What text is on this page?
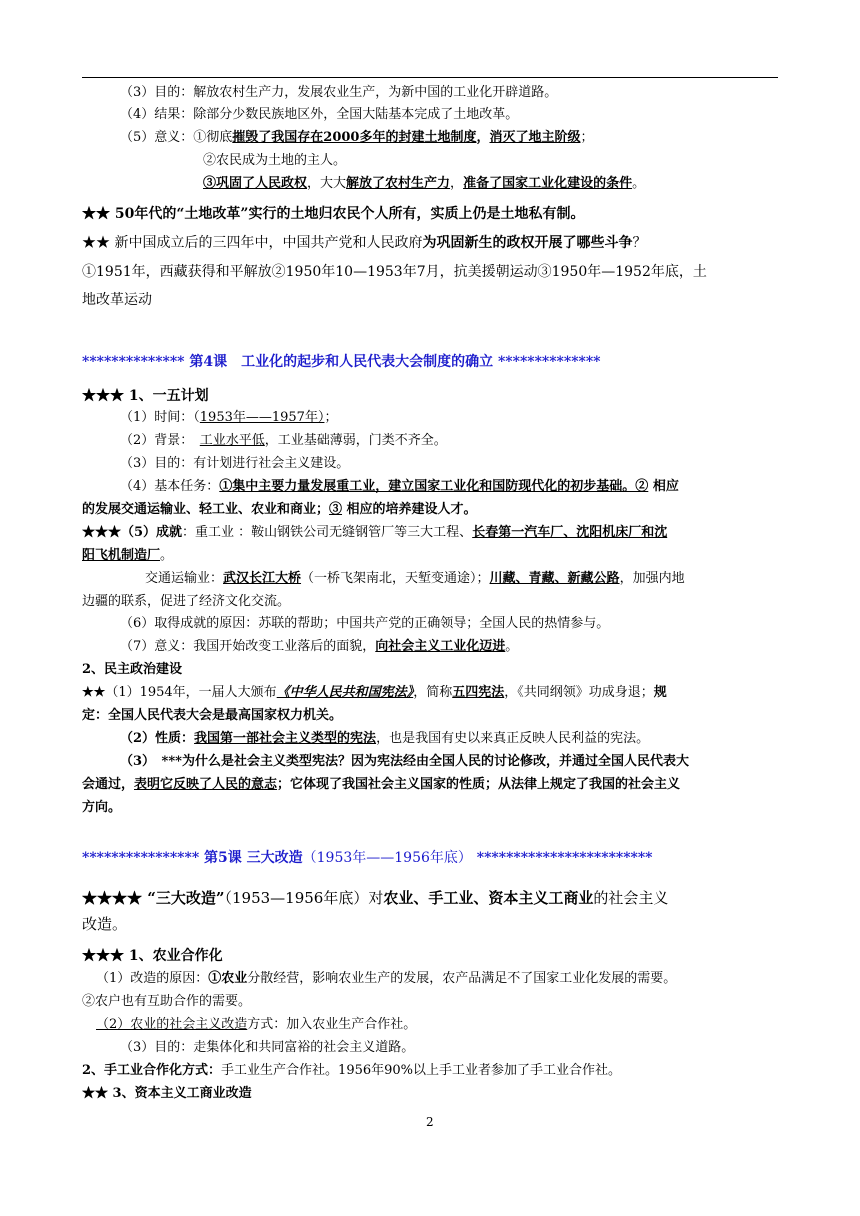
（3）目的：解放农村生产力，发展农业生产，为新中国的工业化开辟道路。
（4）结果：除部分少数民族地区外，全国大陆基本完成了土地改革。
（5）意义：①彻底摧毁了我国存在2000多年的封建土地制度，消灭了地主阶级；
②农民成为土地的主人。
③巩固了人民政权，大大解放了农村生产力，准备了国家工业化建设的条件。
★★ 50年代的“土地改革”实行的土地归农民个人所有，实质上仍是土地私有制。
★★ 新中国成立后的三四年中，中国共产党和人民政府为巩固新生的政权开展了哪些斗争？
①1951年，西藏获得和平解放②1950年10—1953年7月，抗美援朝运动③1950年—1952年底，土
地改革运动
************** 第4课　工业化的起步和人民代表大会制度的确立 **************
★★★ 1、一五计划
（1）时间：（1953年——1957年）；
（2）背景：　工业水平低，工业基础薄弱，门类不齐全。
（3）目的：有计划进行社会主义建设。
（4）基本任务：①集中主要力量发展重工业，建立国家工业化和国防现代化的初步基础。② 相应
的发展交通运输业、轻工业、农业和商业；③ 相应的培养建设人才。
★★★（5）成就：重工业 ：鞍山钢铁公司无缝钢管厂等三大工程、长春第一汽车厂、沈阳机床厂和沈
阳飞机制造厂。
交通运输业：武汉长江大桥（一桥飞架南北，天堑变通途）；川藏、青藏、新藏公路，加强内地
边疆的联系，促进了经济文化交流。
（6）取得成就的原因：苏联的帮助；中国共产党的正确领导；全国人民的热情参与。
（7）意义：我国开始改变工业落后的面貌，向社会主义工业化迈进。
2、民主政治建设
★★（1）1954年，一届人大颁布《中华人民共和国宪法》，简称五四宪法，《共同纲领》功成身退；规
定：全国人民代表大会是最高国家权力机关。
（2）性质：我国第一部社会主义类型的宪法，也是我国有史以来真正反映人民利益的宪法。
（3）　***为什么是社会主义类型宪法？因为宪法经由全国人民的讨论修改，并通过全国人民代表大
会通过，表明它反映了人民的意志；它体现了我国社会主义国家的性质；从法律上规定了我国的社会主义
方向。
**************** 第5课 三大改造（1953年——1956年底） ************************
★★★★ “三大改造”（1953—1956年底）对农业、手工业、资本主义工商业的社会主义
改造。
★★★ 1、农业合作化
（1）改造的原因：①农业分散经营，影响农业生产的发展，农产品满足不了国家工业化发展的需要。
②农户也有互助合作的需要。
（2）农业的社会主义改造方式：加入农业生产合作社。
（3）目的：走集体化和共同富裕的社会主义道路。
2、手工业合作化方式：手工业生产合作社。1956年90%以上手工业者参加了手工业合作社。
★★ 3、资本主义工商业改造
2
